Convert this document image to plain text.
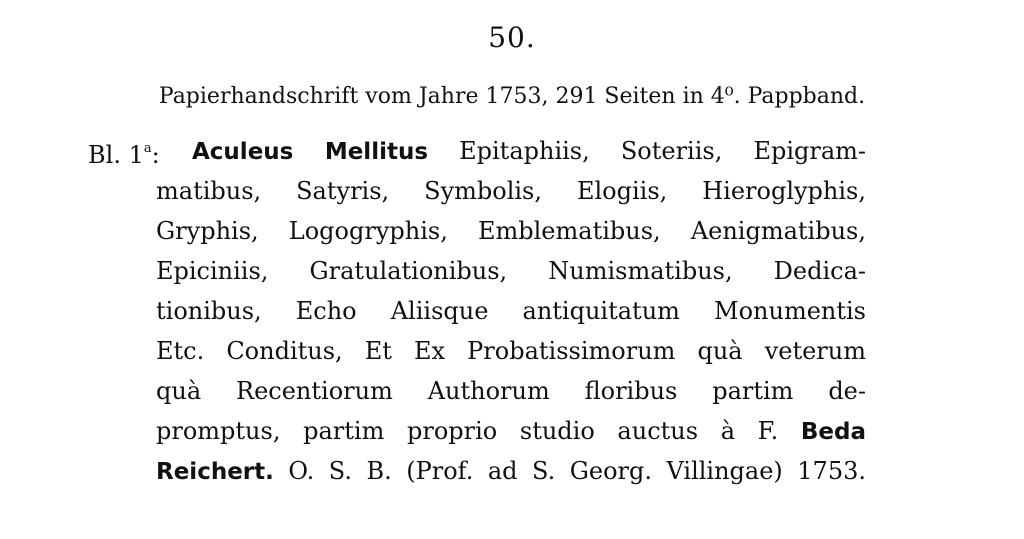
50.
Papierhandschrift vom Jahre 1753, 291 Seiten in 4⁰. Pappband.
Bl. 1$^a$:	Aculeus Mellitus Epitaphiis, Soteriis, Epigram-
matibus, Satyris, Symbolis, Elogiis, Hieroglyphis,
Gryphis, Logogryphis, Emblematibus, Aenigmatibus,
Epiciniis, Gratulationibus, Numismatibus, Dedica-
tionibus, Echo Aliisque antiquitatum Monumentis
Etc. Conditus, Et Ex Probatissimorum quà veterum
quà Recentiorum Authorum floribus partim de-
promptus, partim proprio studio auctus à F. Beda
Reichert. O. S. B. (Prof. ad S. Georg. Villingae) 1753.
